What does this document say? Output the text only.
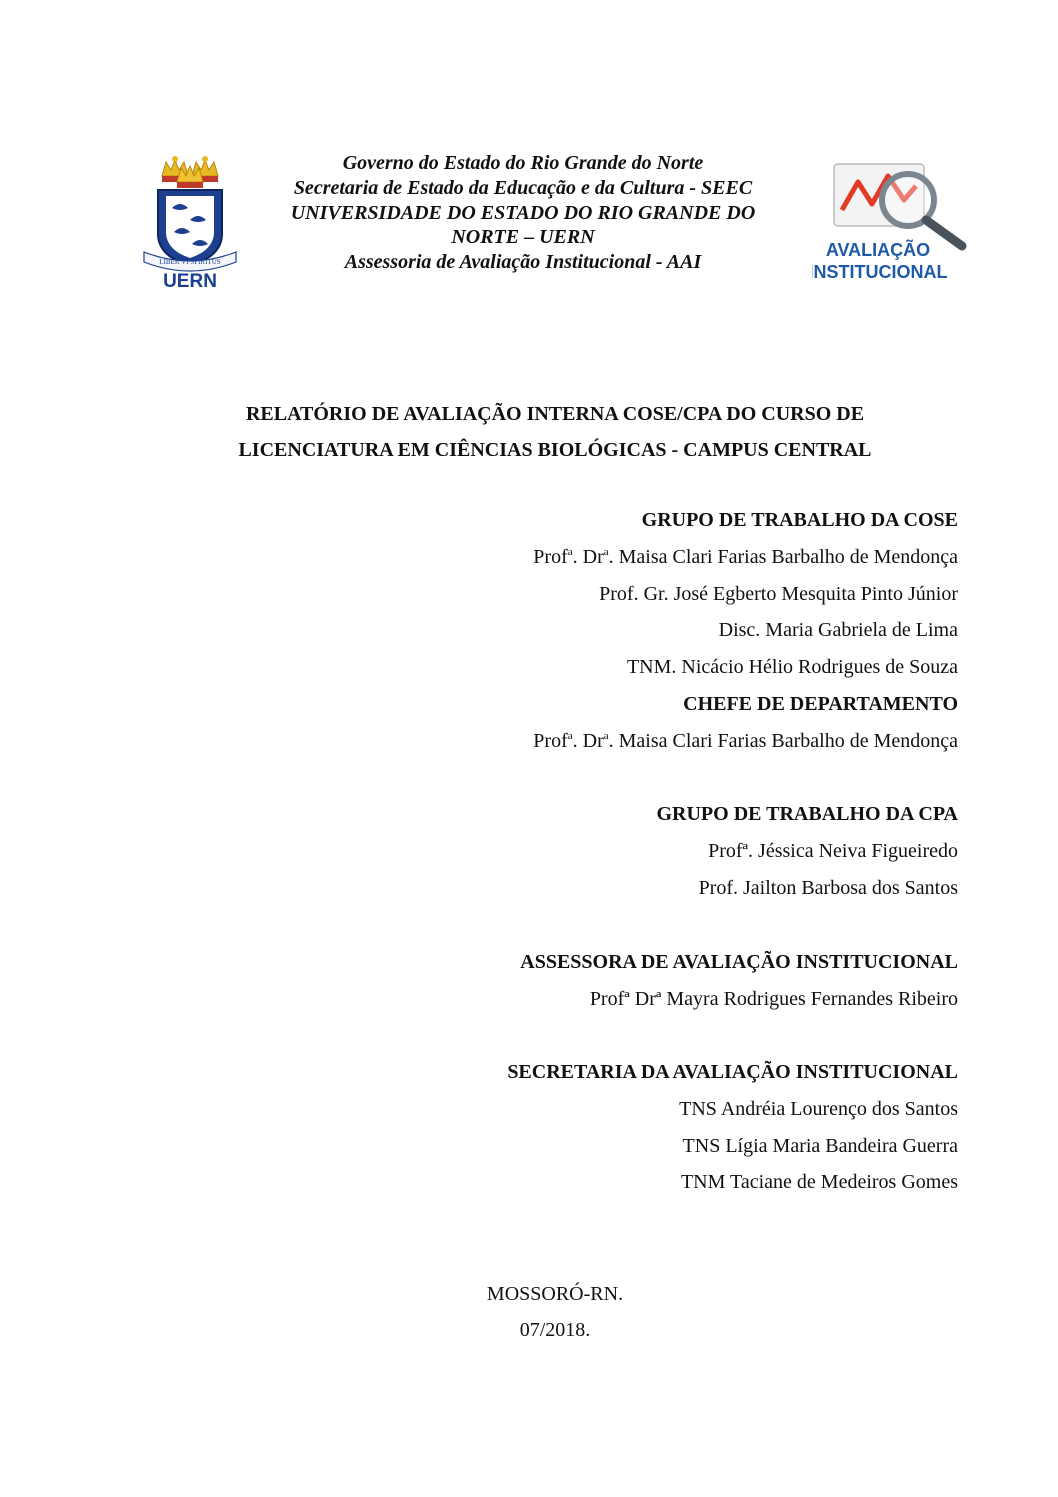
LIBER VI SPIRITUS
UERN
Governo do Estado do Rio Grande do Norte
Secretaria de Estado da Educação e da Cultura - SEEC
UNIVERSIDADE DO ESTADO DO RIO GRANDE DO
NORTE – UERN
Assessoria de Avaliação Institucional - AAI
AVALIAÇÃO
INSTITUCIONAL
RELATÓRIO DE AVALIAÇÃO INTERNA COSE/CPA DO CURSO DE
LICENCIATURA EM CIÊNCIAS BIOLÓGICAS - CAMPUS CENTRAL
GRUPO DE TRABALHO DA COSE
Prof$^a$. Dr$^a$. Maisa Clari Farias Barbalho de Mendonça
Prof. Gr. José Egberto Mesquita Pinto Júnior
Disc. Maria Gabriela de Lima
TNM. Nicácio Hélio Rodrigues de Souza
CHEFE DE DEPARTAMENTO
Prof$^a$. Dr$^a$. Maisa Clari Farias Barbalho de Mendonça
GRUPO DE TRABALHO DA CPA
Profª. Jéssica Neiva Figueiredo
Prof. Jailton Barbosa dos Santos
ASSESSORA DE AVALIAÇÃO INSTITUCIONAL
Profª Drª Mayra Rodrigues Fernandes Ribeiro
SECRETARIA DA AVALIAÇÃO INSTITUCIONAL
TNS Andréia Lourenço dos Santos
TNS Lígia Maria Bandeira Guerra
TNM Taciane de Medeiros Gomes
MOSSORÓ-RN.
07/2018.
